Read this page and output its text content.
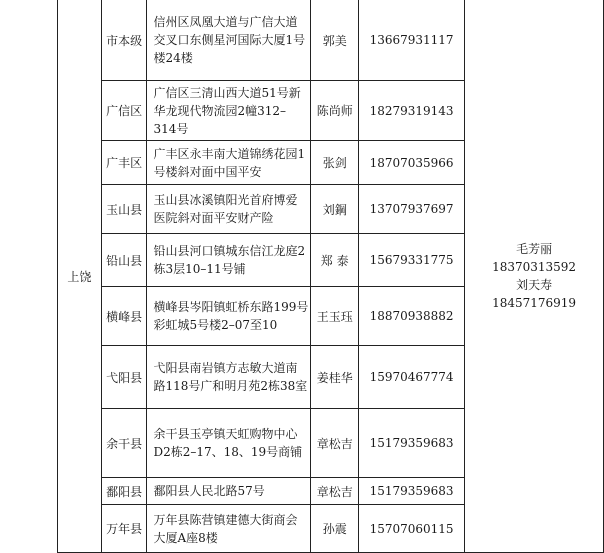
上饶	市本级	信州区凤凰大道与广信大道交叉口东侧星河国际大厦1号楼24楼	郭美	13667931117	毛芳丽
18370313592
刘天寿
18457176919

	广信区	广信区三清山西大道51号新华龙现代物流园2幢312–314号	陈尚师	18279319143	
	广丰区	广丰区永丰南大道锦绣花园1号楼斜对面中国平安	张剑	18707035966	
	玉山县	玉山县冰溪镇阳光首府博爱医院斜对面平安财产险	刘鋼	13707937697	
	铅山县	铅山县河口镇城东信江龙庭2栋3层10–11号铺	郑 泰	15679331775	
	横峰县	横峰县岑阳镇虹桥东路199号彩虹城5号楼2–07至10	王玉珏	18870938882	
	弋阳县	弋阳县南岩镇方志敏大道南路118号广和明月苑2栋38室	姜桂华	15970467774	
	余干县	余干县玉亭镇天虹购物中心D2栋2–17、18、19号商铺	章松吉	15179359683	
	鄱阳县	鄱阳县人民北路57号	章松吉	15179359683	
	万年县	万年县陈营镇建德大街商会大厦A座8楼	孙震	15707060115	
